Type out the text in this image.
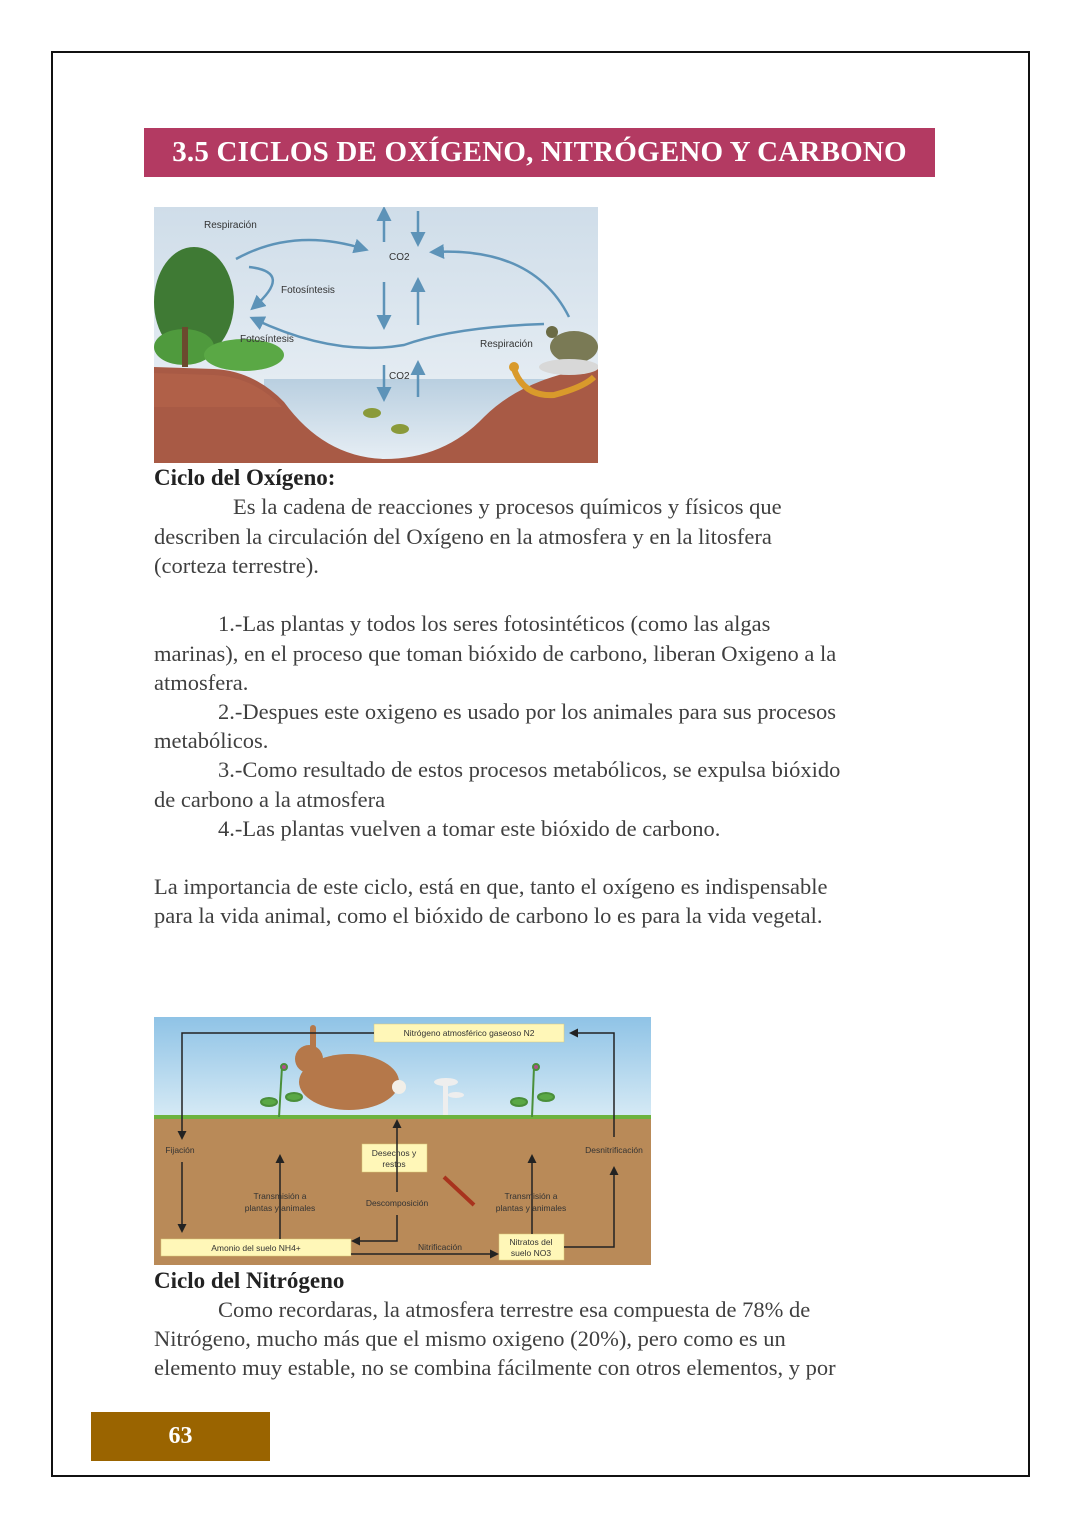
3.5 CICLOS DE OXÍGENO, NITRÓGENO Y CARBONO
Respiración
CO2
Fotosíntesis
Fotosíntesis	Respiración
CO2
Ciclo del Oxígeno:
Es la cadena de reacciones y procesos químicos y físicos que
describen la circulación del Oxígeno en la atmosfera y en la litosfera
(corteza terrestre).
1.-Las plantas y todos los seres fotosintéticos (como las algas
marinas), en el proceso que toman bióxido de carbono, liberan Oxigeno a la
atmosfera.
2.-Despues este oxigeno es usado por los animales para sus procesos
metabólicos.
3.-Como resultado de estos procesos metabólicos, se expulsa bióxido
de carbono a la atmosfera
4.-Las plantas vuelven a tomar este bióxido de carbono.
La importancia de este ciclo, está en que, tanto el oxígeno es indispensable
para la vida animal, como el bióxido de carbono lo es para la vida vegetal.
Nitrógeno atmosférico gaseoso N2
Fijación	Desnitrificación
Desechos y
restos
Transmisión a
plantas y animales	Descomposición
Transmisión a
plantas y animales
Amonio del suelo NH4+	Nitrificación	Nitratos del
suelo NO3
Ciclo del Nitrógeno
Como recordaras, la atmosfera terrestre esa compuesta de 78% de
Nitrógeno, mucho más que el mismo oxigeno (20%), pero como es un
elemento muy estable, no se combina fácilmente con otros elementos, y por
63
